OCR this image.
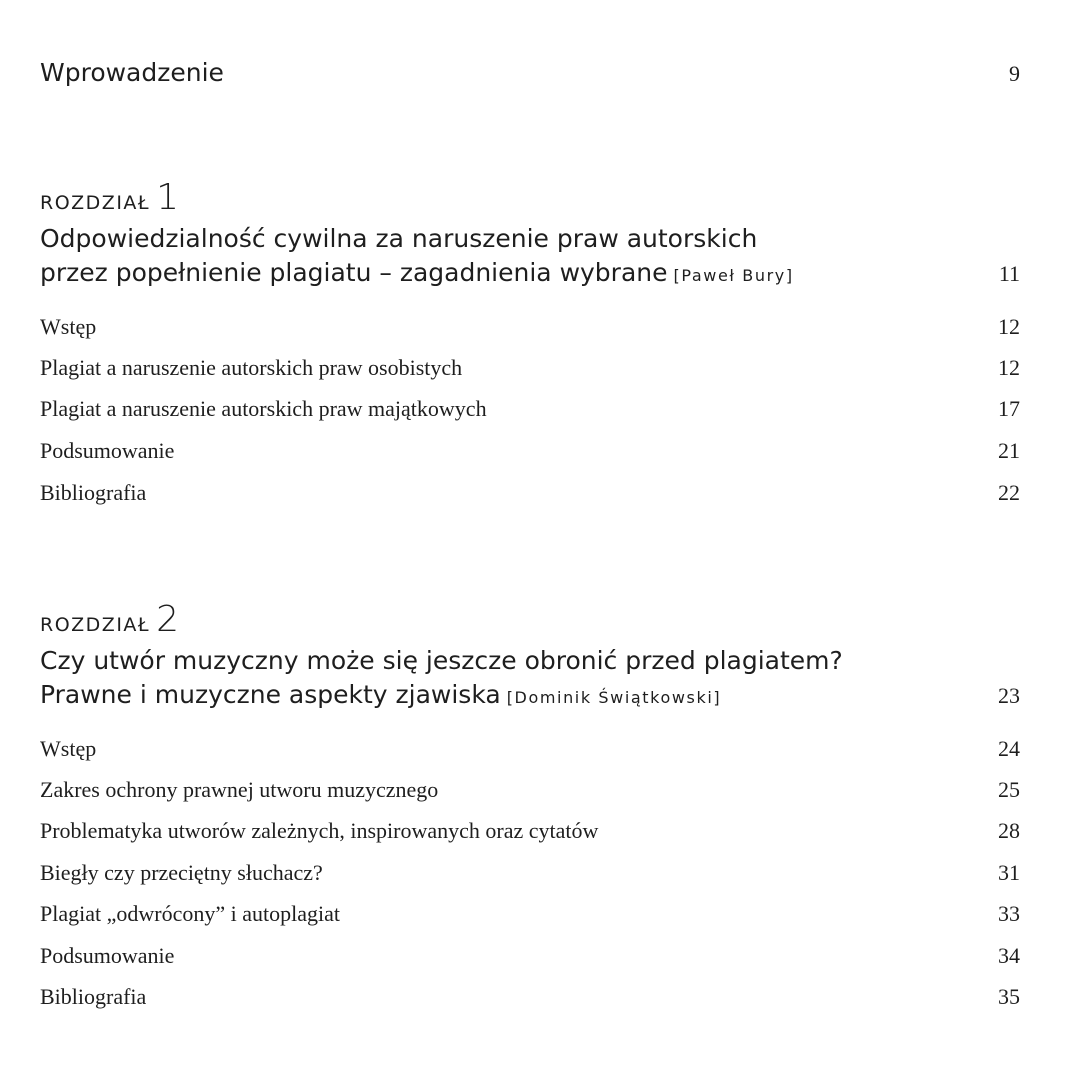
Wprowadzenie	9
ROZDZIAŁ 1
Odpowiedzialność cywilna za naruszenie praw autorskich
przez popełnienie plagiatu – zagadnienia wybrane [Paweł Bury]	11
Wstęp	12
Plagiat a naruszenie autorskich praw osobistych	12
Plagiat a naruszenie autorskich praw majątkowych	17
Podsumowanie	21
Bibliografia	22
ROZDZIAŁ 2
Czy utwór muzyczny może się jeszcze obronić przed plagiatem?
Prawne i muzyczne aspekty zjawiska [Dominik Świątkowski]	23
Wstęp	24
Zakres ochrony prawnej utworu muzycznego	25
Problematyka utworów zależnych, inspirowanych oraz cytatów	28
Biegły czy przeciętny słuchacz?	31
Plagiat „odwrócony” i autoplagiat	33
Podsumowanie	34
Bibliografia	35
